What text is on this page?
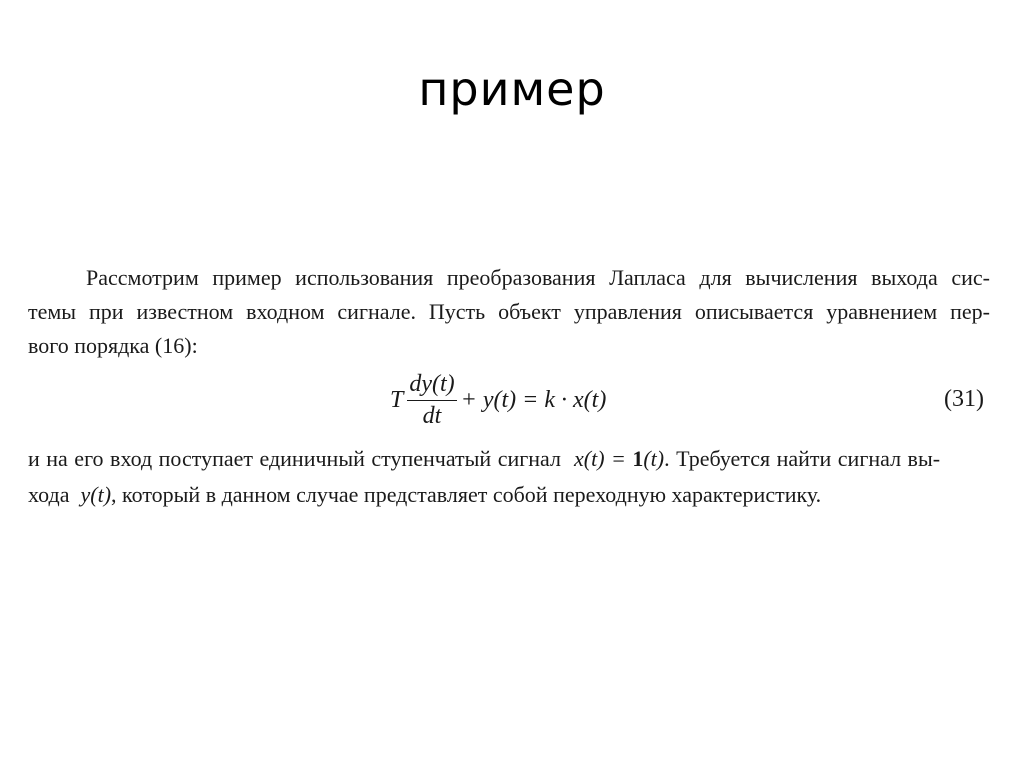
пример
Рассмотрим пример использования преобразования Лапласа для вычисления выхода сис-
темы при известном входном сигнале. Пусть объект управления описывается уравнением пер-
вого порядка (16):
T $\frac{dy(t)}{dt} + y(t) = k \cdot x(t)$	(31)
и на его вход поступает единичный ступенчатый сигнал x(t) = 1(t). Требуется найти сигнал вы-
хода y(t), который в данном случае представляет собой переходную характеристику.
